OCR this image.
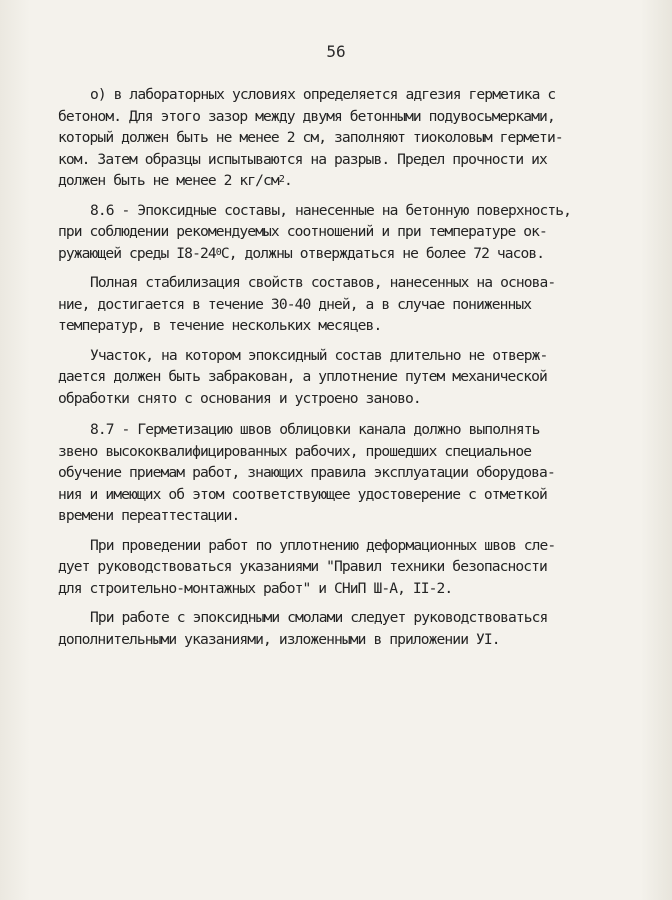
56
о) в лабораторных условиях определяется адгезия герметика с
бетоном. Для этого зазор между двумя бетонными подувосьмерками,
который должен быть не менее 2 см, заполняют тиоколовым гермети-
ком. Затем образцы испытываются на разрыв. Предел прочности их
должен быть не менее 2 $кг/см^2$.
8.6 - Эпоксидные составы, нанесенные на бетонную поверхность,
при соблюдении рекомендуемых соотношений и при температуре ок-
ружающей среды $I8-24^0C$, должны отверждаться не более 72 часов.
Полная стабилизация свойств составов, нанесенных на основа-
ние, достигается в течение 30-40 дней, а в случае пониженных
температур, в течение нескольких месяцев.
Участок, на котором эпоксидный состав длительно не отверж-
дается должен быть забракован, а уплотнение путем механической
обработки снято с основания и устроено заново.
8.7 - Герметизацию швов облицовки канала должно выполнять
звено высококвалифицированных рабочих, прошедших специальное
обучение приемам работ, знающих правила эксплуатации оборудова-
ния и имеющих об этом соответствующее удостоверение с отметкой
времени переаттестации.
При проведении работ по уплотнению деформационных швов сле-
дует руководствоваться указаниями "Правил техники безопасности
для строительно-монтажных работ" и СНиП Ш-А, II-2.
При работе с эпоксидными смолами следует руководствоваться
дополнительными указаниями, изложенными в приложении УI.
